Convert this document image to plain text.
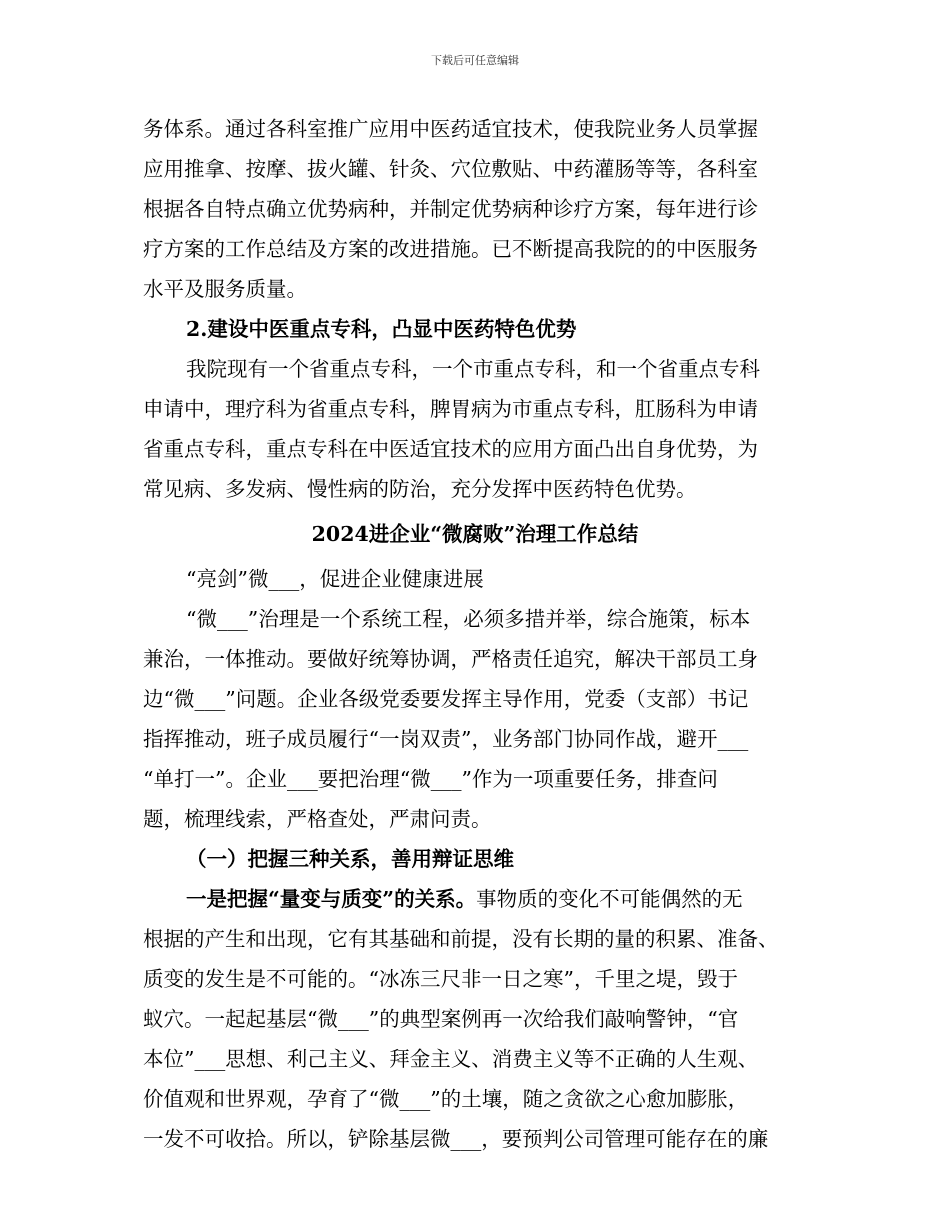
下载后可任意编辑
务体系。通过各科室推广应用中医药适宜技术，使我院业务人员掌握
应用推拿、按摩、拔火罐、针灸、穴位敷贴、中药灌肠等等，各科室
根据各自特点确立优势病种，并制定优势病种诊疗方案，每年进行诊
疗方案的工作总结及方案的改进措施。已不断提高我院的的中医服务
水平及服务质量。
2.建设中医重点专科，凸显中医药特色优势
我院现有一个省重点专科，一个市重点专科，和一个省重点专科
申请中，理疗科为省重点专科，脾胃病为市重点专科，肛肠科为申请
省重点专科，重点专科在中医适宜技术的应用方面凸出自身优势，为
常见病、多发病、慢性病的防治，充分发挥中医药特色优势。
2024进企业“微腐败”治理工作总结
“亮剑”微___，促进企业健康进展
“微___”治理是一个系统工程，必须多措并举，综合施策，标本
兼治，一体推动。要做好统筹协调，严格责任追究，解决干部员工身
边“微___”问题。企业各级党委要发挥主导作用，党委（支部）书记
指挥推动，班子成员履行“一岗双责”，业务部门协同作战，避开___
“单打一”。企业___要把治理“微___”作为一项重要任务，排查问
题，梳理线索，严格查处，严肃问责。
（一）把握三种关系，善用辩证思维
一是把握“量变与质变”的关系。事物质的变化不可能偶然的无
根据的产生和出现，它有其基础和前提，没有长期的量的积累、准备、
质变的发生是不可能的。“冰冻三尺非一日之寒”，千里之堤，毁于
蚁穴。一起起基层“微___”的典型案例再一次给我们敲响警钟，“官
本位”___思想、利己主义、拜金主义、消费主义等不正确的人生观、
价值观和世界观，孕育了“微___”的土壤，随之贪欲之心愈加膨胀，
一发不可收拾。所以，铲除基层微___，要预判公司管理可能存在的廉
